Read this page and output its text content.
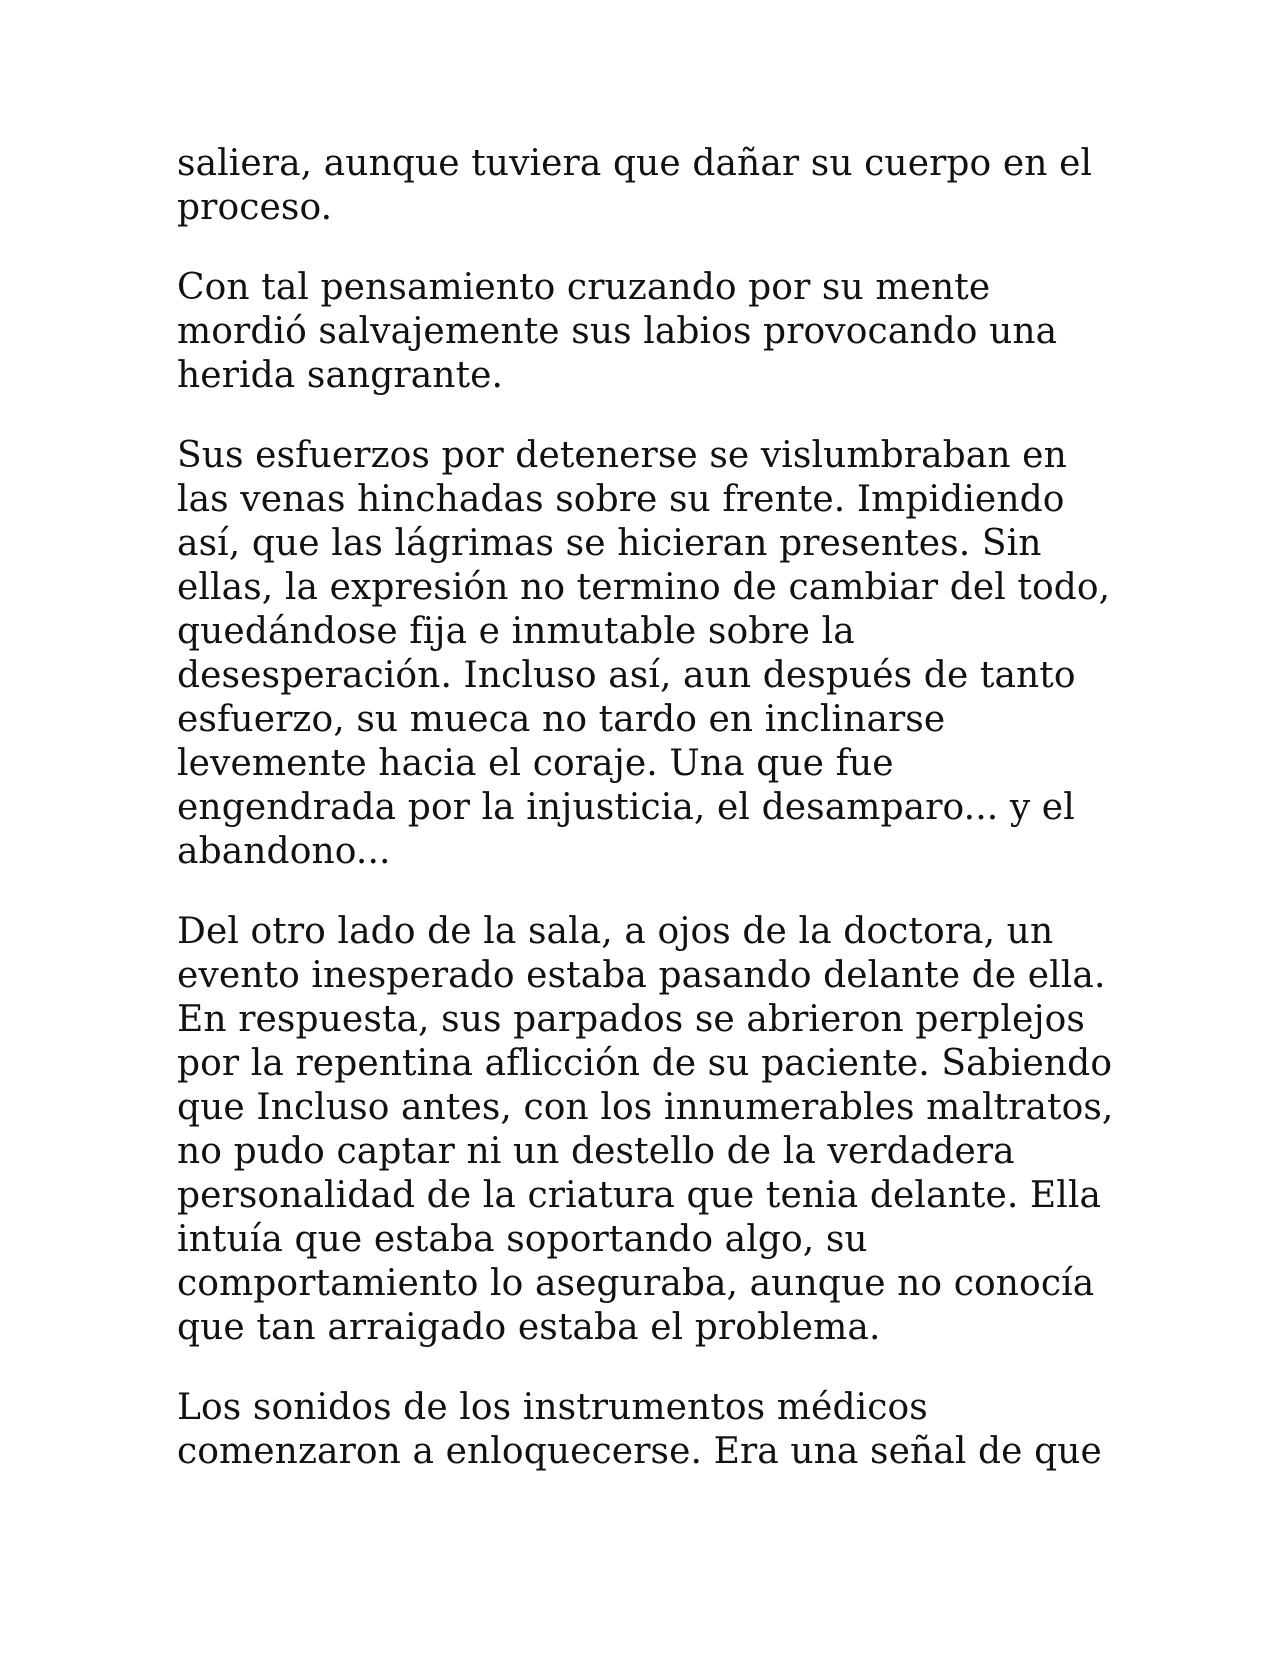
saliera, aunque tuviera que dañar su cuerpo en el proceso.

Con tal pensamiento cruzando por su mente mordió salvajemente sus labios provocando una herida sangrante.

Sus esfuerzos por detenerse se vislumbraban en las venas hinchadas sobre su frente. Impidiendo así, que las lágrimas se hicieran presentes. Sin ellas, la expresión no termino de cambiar del todo, quedándose fija e inmutable sobre la desesperación. Incluso así, aun después de tanto esfuerzo, su mueca no tardo en inclinarse levemente hacia el coraje. Una que fue engendrada por la injusticia, el desamparo... y el abandono...

Del otro lado de la sala, a ojos de la doctora, un evento inesperado estaba pasando delante de ella. En respuesta, sus parpados se abrieron perplejos por la repentina aflicción de su paciente. Sabiendo que Incluso antes, con los innumerables maltratos, no pudo captar ni un destello de la verdadera personalidad de la criatura que tenia delante. Ella intuía que estaba soportando algo, su comportamiento lo aseguraba, aunque no conocía que tan arraigado estaba el problema.

Los sonidos de los instrumentos médicos comenzaron a enloquecerse. Era una señal de que
